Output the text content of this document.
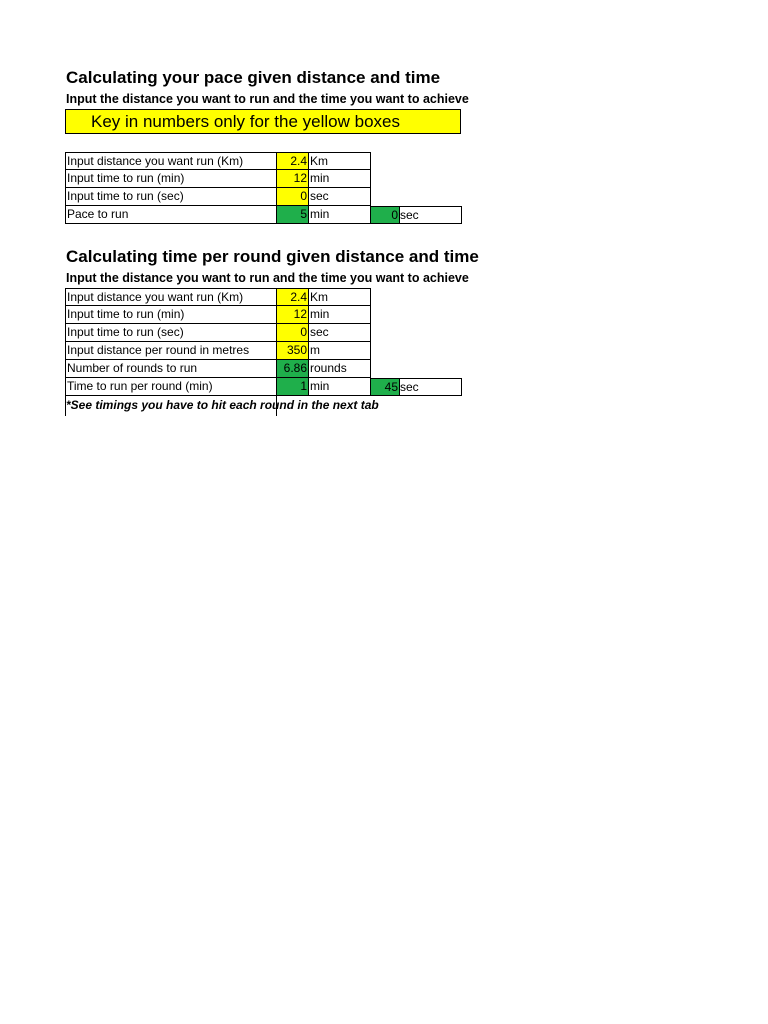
Calculating your pace given distance and time
Input the distance you want to run and the time you want to achieve
Key in numbers only for the yellow boxes
Input distance you want run (Km)	2.4 Km
Input time to run (min)	12 min
Input time to run (sec)	0 sec
Pace to run	5 min	0 sec
Calculating time per round given distance and time
Input the distance you want to run and the time you want to achieve
Input distance you want run (Km)	2.4 Km
Input time to run (min)	12 min
Input time to run (sec)	0 sec
Input distance per round in metres	350 m
Number of rounds to run	6.86 rounds
Time to run per round (min)	1 min	45 sec
*See timings you have to hit each round in the next tab
